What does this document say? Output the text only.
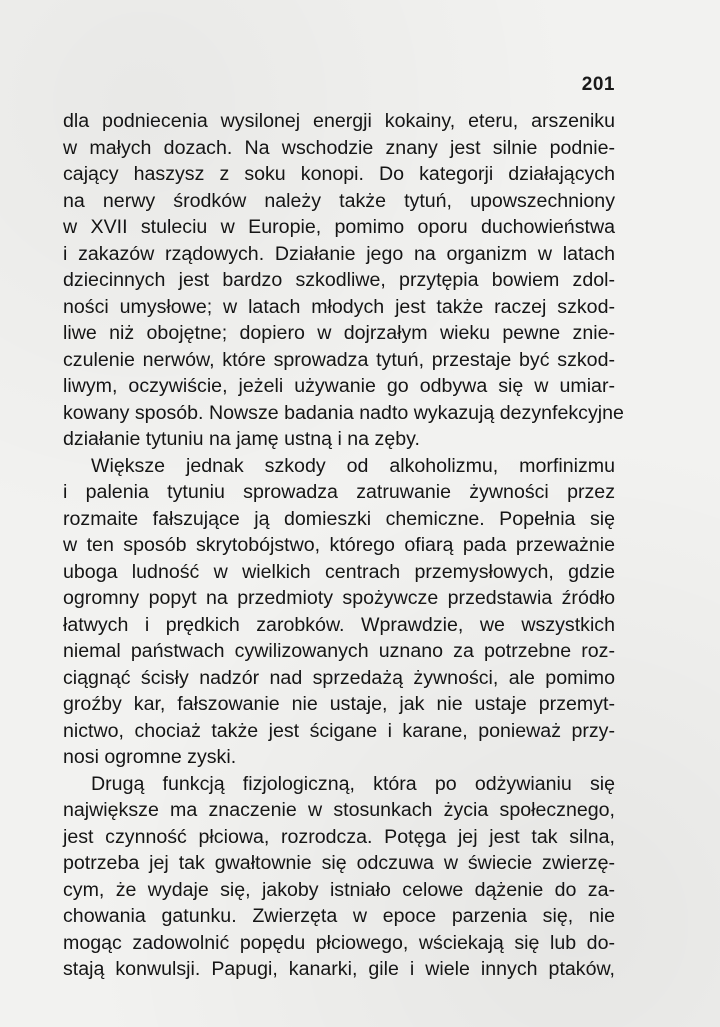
201
dla podniecenia wysilonej energji kokainy, eteru, arszeniku
w małych dozach. Na wschodzie znany jest silnie podnie-
cający haszysz z soku konopi. Do kategorji działających
na nerwy środków należy także tytuń, upowszechniony
w XVII stuleciu w Europie, pomimo oporu duchowieństwa
i zakazów rządowych. Działanie jego na organizm w latach
dziecinnych jest bardzo szkodliwe, przytępia bowiem zdol-
ności umysłowe; w latach młodych jest także raczej szkod-
liwe niż obojętne; dopiero w dojrzałym wieku pewne znie-
czulenie nerwów, które sprowadza tytuń, przestaje być szkod-
liwym, oczywiście, jeżeli używanie go odbywa się w umiar-
kowany sposób. Nowsze badania nadto wykazują dezynfekcyjne
działanie tytuniu na jamę ustną i na zęby.
Większe jednak szkody od alkoholizmu, morfinizmu
i palenia tytuniu sprowadza zatruwanie żywności przez
rozmaite fałszujące ją domieszki chemiczne. Popełnia się
w ten sposób skrytobójstwo, którego ofiarą pada przeważnie
uboga ludność w wielkich centrach przemysłowych, gdzie
ogromny popyt na przedmioty spożywcze przedstawia źródło
łatwych i prędkich zarobków. Wprawdzie, we wszystkich
niemal państwach cywilizowanych uznano za potrzebne roz-
ciągnąć ścisły nadzór nad sprzedażą żywności, ale pomimo
groźby kar, fałszowanie nie ustaje, jak nie ustaje przemyt-
nictwo, chociaż także jest ścigane i karane, ponieważ przy-
nosi ogromne zyski.
Drugą funkcją fizjologiczną, która po odżywianiu się
największe ma znaczenie w stosunkach życia społecznego,
jest czynność płciowa, rozrodcza. Potęga jej jest tak silna,
potrzeba jej tak gwałtownie się odczuwa w świecie zwierzę-
cym, że wydaje się, jakoby istniało celowe dążenie do za-
chowania gatunku. Zwierzęta w epoce parzenia się, nie
mogąc zadowolnić popędu płciowego, wściekają się lub do-
stają konwulsji. Papugi, kanarki, gile i wiele innych ptaków,
